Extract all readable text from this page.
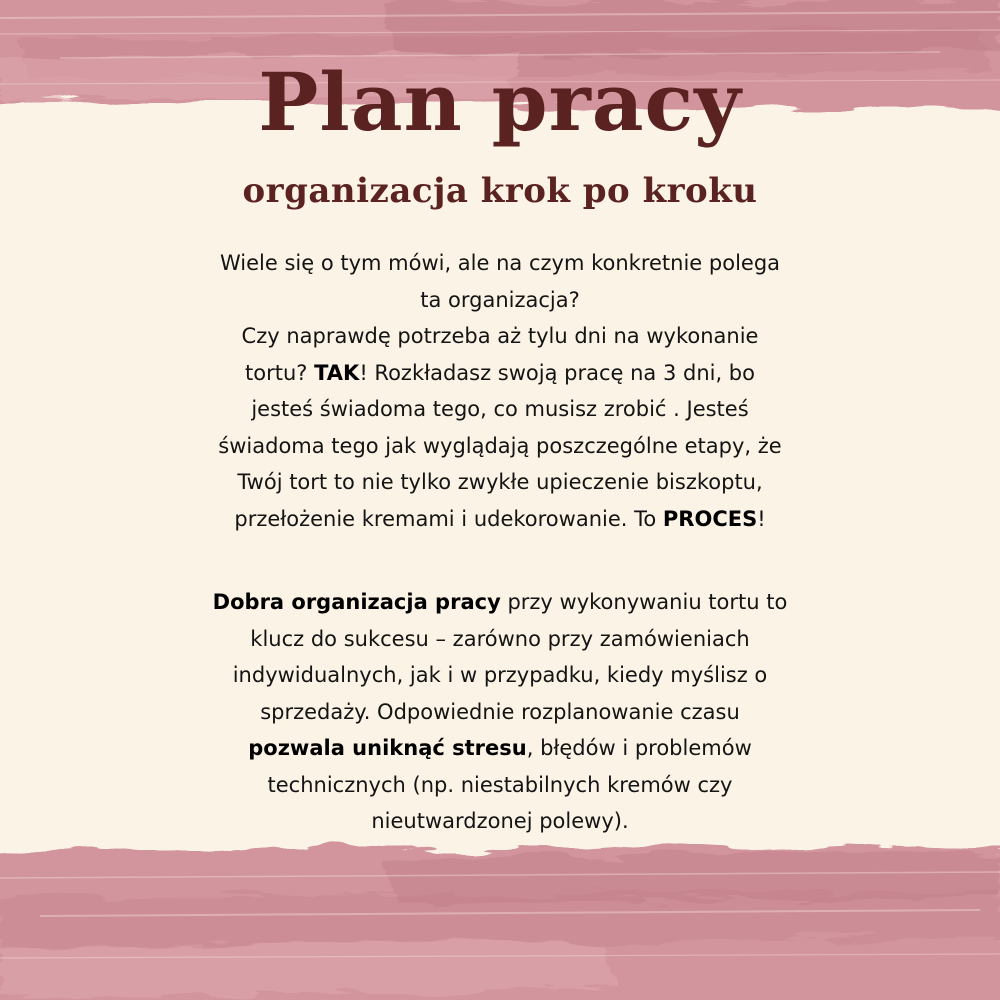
Plan pracy
organizacja krok po kroku

Wiele się o tym mówi, ale na czym konkretnie polega
ta organizacja?
Czy naprawdę potrzeba aż tylu dni na wykonanie
tortu? TAK! Rozkładasz swoją pracę na 3 dni, bo
jesteś świadoma tego, co musisz zrobić . Jesteś
świadoma tego jak wyglądają poszczególne etapy, że
Twój tort to nie tylko zwykłe upieczenie biszkoptu,
przełożenie kremami i udekorowanie. To PROCES!

Dobra organizacja pracy przy wykonywaniu tortu to
klucz do sukcesu – zarówno przy zamówieniach
indywidualnych, jak i w przypadku, kiedy myślisz o
sprzedaży. Odpowiednie rozplanowanie czasu
pozwala uniknąć stresu, błędów i problemów
technicznych (np. niestabilnych kremów czy
nieutwardzonej polewy).
